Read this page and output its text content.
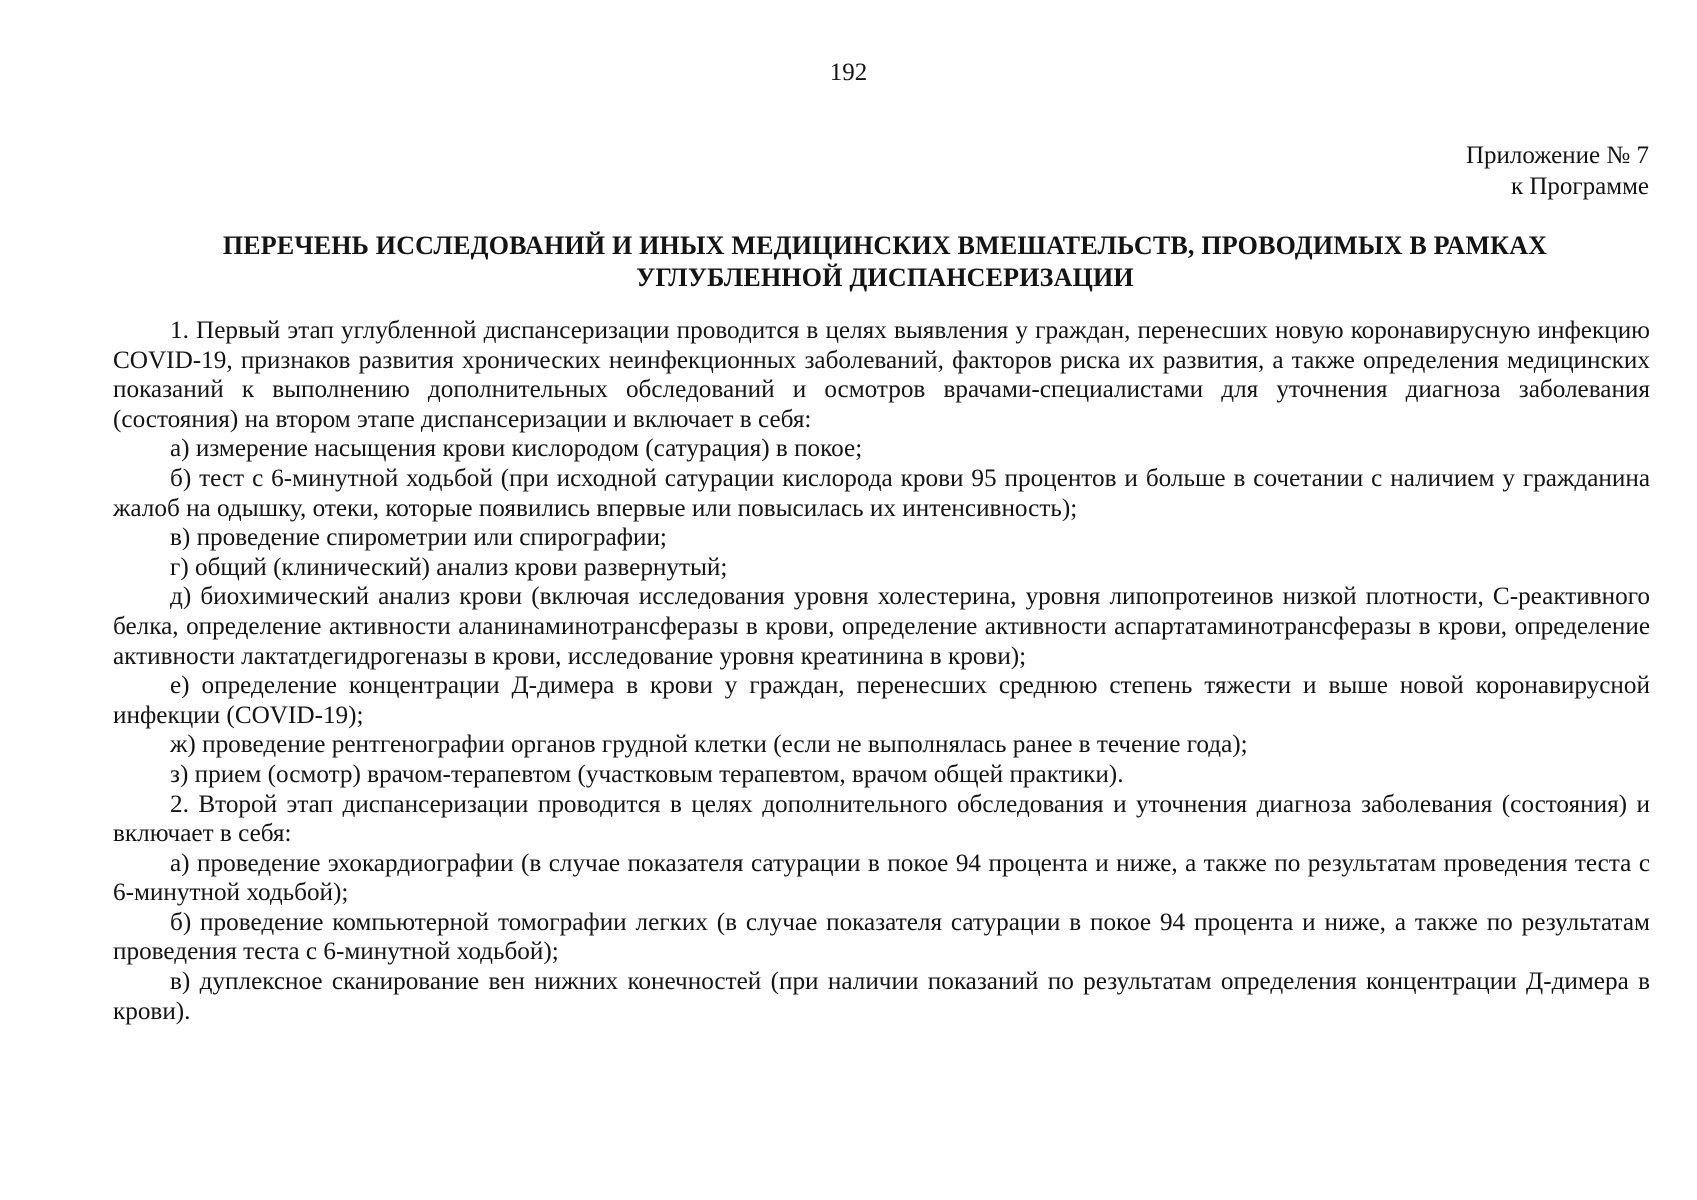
192
Приложение № 7
к Программе
ПЕРЕЧЕНЬ ИССЛЕДОВАНИЙ И ИНЫХ МЕДИЦИНСКИХ ВМЕШАТЕЛЬСТВ, ПРОВОДИМЫХ В РАМКАХ
УГЛУБЛЕННОЙ ДИСПАНСЕРИЗАЦИИ

1. Первый этап углубленной диспансеризации проводится в целях выявления у граждан, перенесших новую коронавирусную инфекцию COVID-19, признаков развития хронических неинфекционных заболеваний, факторов риска их развития, а также определения медицинских показаний к выполнению дополнительных обследований и осмотров врачами-специалистами для уточнения диагноза заболевания (состояния) на втором этапе диспансеризации и включает в себя:

а) измерение насыщения крови кислородом (сатурация) в покое;

б) тест с 6-минутной ходьбой (при исходной сатурации кислорода крови 95 процентов и больше в сочетании с наличием у гражданина жалоб на одышку, отеки, которые появились впервые или повысилась их интенсивность);

в) проведение спирометрии или спирографии;

г) общий (клинический) анализ крови развернутый;

д) биохимический анализ крови (включая исследования уровня холестерина, уровня липопротеинов низкой плотности, С-реактивного белка, определение активности аланинаминотрансферазы в крови, определение активности аспартатаминотрансферазы в крови, определение активности лактатдегидрогеназы в крови, исследование уровня креатинина в крови);

е) определение концентрации Д-димера в крови у граждан, перенесших среднюю степень тяжести и выше новой коронавирусной инфекции (COVID-19);

ж) проведение рентгенографии органов грудной клетки (если не выполнялась ранее в течение года);

з) прием (осмотр) врачом-терапевтом (участковым терапевтом, врачом общей практики).

2. Второй этап диспансеризации проводится в целях дополнительного обследования и уточнения диагноза заболевания (состояния) и включает в себя:

а) проведение эхокардиографии (в случае показателя сатурации в покое 94 процента и ниже, а также по результатам проведения теста с 6-минутной ходьбой);

б) проведение компьютерной томографии легких (в случае показателя сатурации в покое 94 процента и ниже, а также по результатам проведения теста с 6-минутной ходьбой);

в) дуплексное сканирование вен нижних конечностей (при наличии показаний по результатам определения концентрации Д-димера в крови).
